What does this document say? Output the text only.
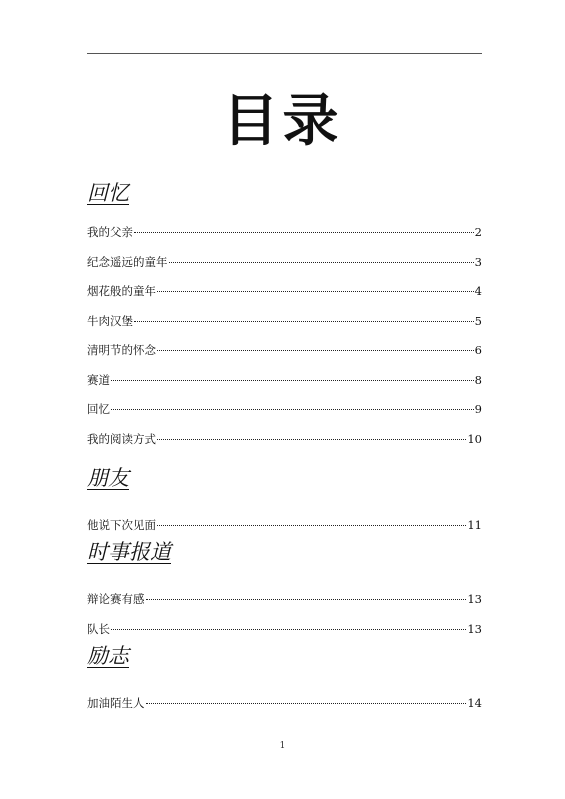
目录
回忆
我的父亲	2
纪念遥远的童年	3
烟花般的童年	4
牛肉汉堡	5
清明节的怀念	6
赛道	8
回忆	9
我的阅读方式	10
朋友
他说下次见面	11
时事报道
辩论赛有感	13
队长	13
励志
加油陌生人	14
1
